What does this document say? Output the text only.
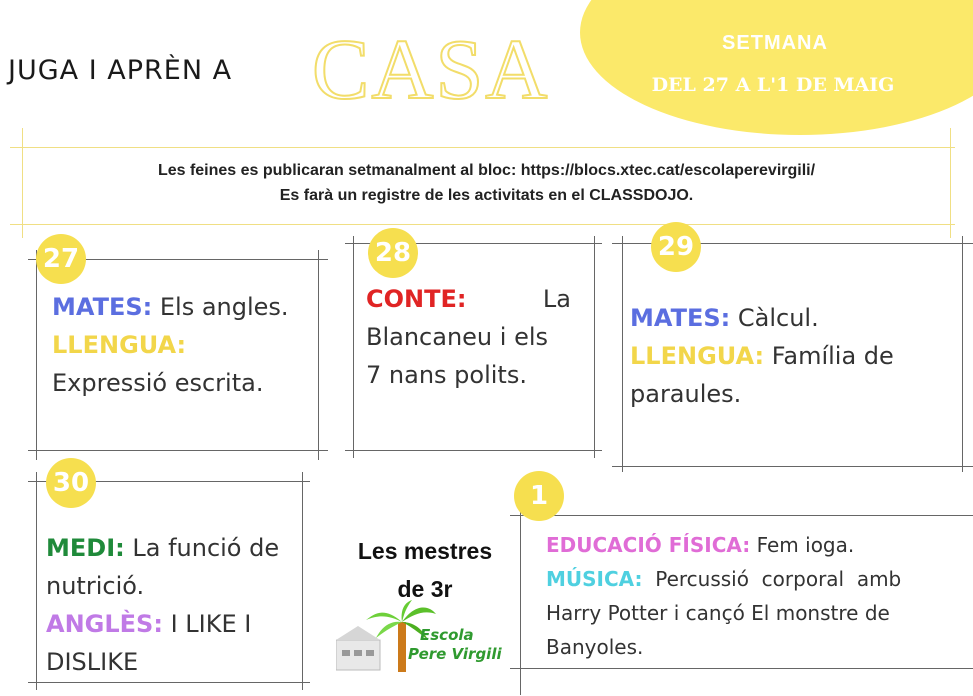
JUGA I APRÈN A CASA	SETMANA
DEL 27 A L'1 DE MAIG
Les feines es publicaran setmanalment al bloc: https://blocs.xtec.cat/escolaperevirgili/
Es farà un registre de les activitats en el CLASSDOJO.
27
MATES: Els angles.
LLENGUA:
Expressió escrita.
28
CONTE:	La
Blancaneu i els
7 nans polits.
29
MATES: Càlcul.
LLENGUA: Família de
paraules.
30
MEDI: La funció de
nutrició.
ANGLÈS: I LIKE I
DISLIKE
Les mestres
de 3r
Escola
Pere Virgili
1
EDUCACIÓ FÍSICA: Fem ioga.
MÚSICA:  Percussió  corporal  amb
Harry Potter i cançó El monstre de
Banyoles.
